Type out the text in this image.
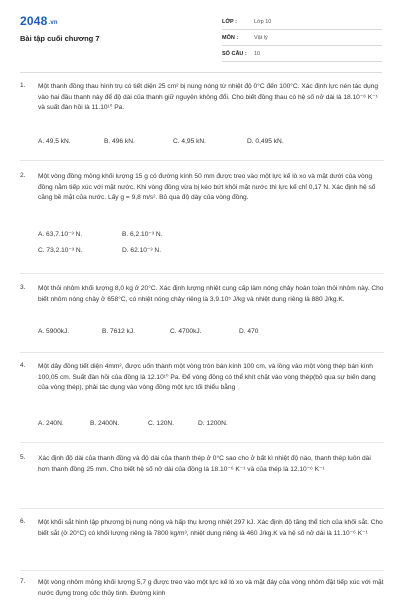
2048.vn
Bài tập cuối chương 7
LỚP :	Lớp 10
MÔN :	Vật lý
SỐ CÂU :	10
1. Một thanh đồng thau hình trụ có tiết diện 25 cm² bị nung nóng từ nhiệt độ 0°C đến 100°C. Xác định lực nén tác dụng vào hai đầu thanh này để độ dài của thanh giữ nguyên không đổi. Cho biết đồng thau có hệ số nở dài là 18.10⁻⁶ K⁻¹ và suất đàn hồi là 11.10¹⁰ Pa.
A. 49,5 kN.	B. 496 kN.	C. 4,95 kN.	D. 0,495 kN.
2. Một vòng đồng mỏng khối lượng 15 g có đường kính 50 mm được treo vào một lực kế lò xo và mặt dưới của vòng đồng nằm tiếp xúc với mặt nước. Khi vòng đồng vừa bị kéo bứt khỏi mặt nước thì lực kế chỉ 0,17 N. Xác định hệ số căng bề mặt của nước. Lấy g = 9,8 m/s². Bỏ qua độ dày của vòng đồng.
A. 63,7.10⁻³ N.	B. 6,2.10⁻³ N.
C. 73,2.10⁻³ N.	D. 62.10⁻³ N.
3. Một thỏi nhôm khối lượng 8,0 kg ở 20°C. Xác định lượng nhiệt cung cấp làm nóng chảy hoàn toàn thỏi nhôm này. Cho biết nhôm nóng chảy ở 658°C, có nhiệt nóng chảy riêng là 3,9.10⁵ J/kg và nhiệt dung riêng là 880 J/kg.K.
A. 5900kJ.	B. 7612 kJ.	C. 4700kJ.	D. 470
4. Một dây đồng tiết diện 4mm², được uốn thành một vòng tròn bán kính 100 cm, và lồng vào một vòng thép bán kính 100,05 cm. Suất đàn hồi của đồng là 12.10¹⁰ Pa. Để vòng đồng có thể khít chặt vào vòng thép(bỏ qua sự biến dạng của vòng thép), phải tác dụng vào vòng đồng một lực tối thiểu bằng
A. 240N.	B. 2400N.	C. 120N.	D. 1200N.
5. Xác định độ dài của thanh đồng và độ dài của thanh thép ở 0°C sao cho ở bất kì nhiệt độ nào, thanh thép luôn dài hơn thanh đồng 25 mm. Cho biết hệ số nở dài của đồng là 18.10⁻⁶ K⁻¹ và của thép là 12.10⁻⁶ K⁻¹
6. Một khối sắt hình lập phương bị nung nóng và hấp thụ lượng nhiệt 297 kJ. Xác định độ tăng thể tích của khối sắt. Cho biết sắt (ở 20°C) có khối lượng riêng là 7800 kg/m³, nhiệt dung riêng là 460 J/kg.K và hệ số nở dài là 11.10⁻⁶ K⁻¹
7. Một vòng nhôm mỏng khối lượng 5,7 g được treo vào một lực kế lò xo và mặt đáy của vòng nhôm đặt tiếp xúc với mặt nước đựng trong cốc thủy tinh. Đường kính
